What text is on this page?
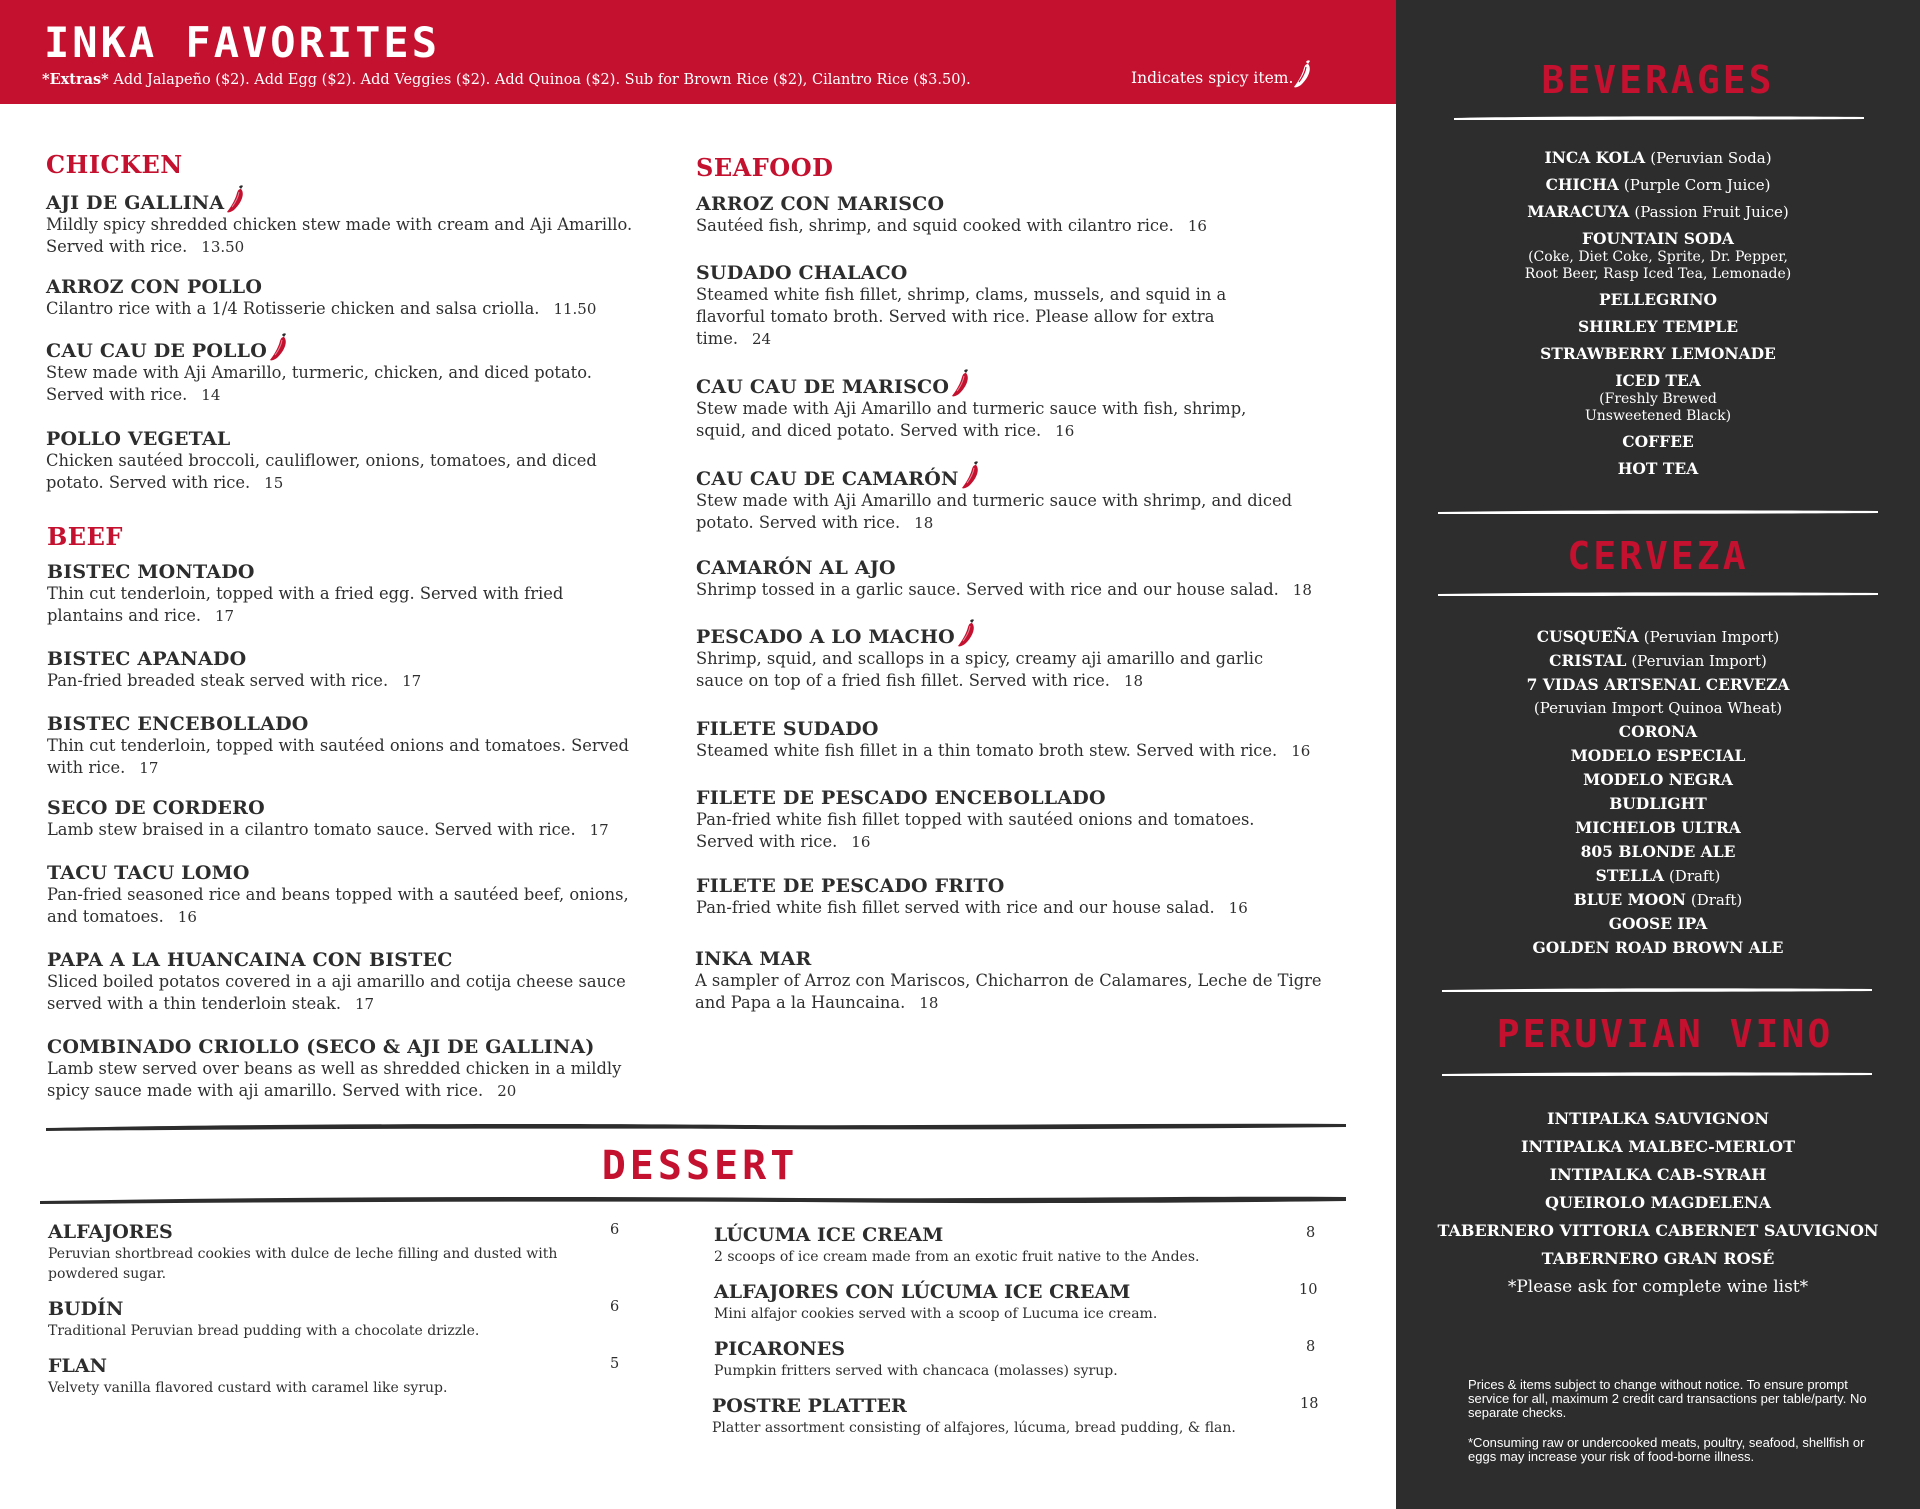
INKA FAVORITES
*Extras* Add Jalapeño ($2). Add Egg ($2). Add Veggies ($2). Add Quinoa ($2). Sub for Brown Rice ($2), Cilantro Rice ($3.50).	Indicates spicy item.
CHICKEN
AJI DE GALLINA
Mildly spicy shredded chicken stew made with cream and Aji Amarillo. Served with rice. 13.50
ARROZ CON POLLO
Cilantro rice with a 1/4 Rotisserie chicken and salsa criolla. 11.50
CAU CAU DE POLLO
Stew made with Aji Amarillo, turmeric, chicken, and diced potato. Served with rice. 14
POLLO VEGETAL
Chicken sautéed broccoli, cauliflower, onions, tomatoes, and diced potato. Served with rice. 15
BEEF
BISTEC MONTADO
Thin cut tenderloin, topped with a fried egg. Served with fried plantains and rice. 17
BISTEC APANADO
Pan-fried breaded steak served with rice. 17
BISTEC ENCEBOLLADO
Thin cut tenderloin, topped with sautéed onions and tomatoes. Served with rice. 17
SECO DE CORDERO
Lamb stew braised in a cilantro tomato sauce. Served with rice. 17
TACU TACU LOMO
Pan-fried seasoned rice and beans topped with a sautéed beef, onions, and tomatoes. 16
PAPA A LA HUANCAINA CON BISTEC
Sliced boiled potatos covered in a aji amarillo and cotija cheese sauce served with a thin tenderloin steak. 17
COMBINADO CRIOLLO (SECO & AJI DE GALLINA)
Lamb stew served over beans as well as shredded chicken in a mildly spicy sauce made with aji amarillo. Served with rice. 20
SEAFOOD
ARROZ CON MARISCO
Sautéed fish, shrimp, and squid cooked with cilantro rice. 16
SUDADO CHALACO
Steamed white fish fillet, shrimp, clams, mussels, and squid in a flavorful tomato broth. Served with rice. Please allow for extra time. 24
CAU CAU DE MARISCO
Stew made with Aji Amarillo and turmeric sauce with fish, shrimp, squid, and diced potato. Served with rice. 16
CAU CAU DE CAMARÓN
Stew made with Aji Amarillo and turmeric sauce with shrimp, and diced potato. Served with rice. 18
CAMARÓN AL AJO
Shrimp tossed in a garlic sauce. Served with rice and our house salad. 18
PESCADO A LO MACHO
Shrimp, squid, and scallops in a spicy, creamy aji amarillo and garlic sauce on top of a fried fish fillet. Served with rice. 18
FILETE SUDADO
Steamed white fish fillet in a thin tomato broth stew. Served with rice. 16
FILETE DE PESCADO ENCEBOLLADO
Pan-fried white fish fillet topped with sautéed onions and tomatoes. Served with rice. 16
FILETE DE PESCADO FRITO
Pan-fried white fish fillet served with rice and our house salad. 16
INKA MAR
A sampler of Arroz con Mariscos, Chicharron de Calamares, Leche de Tigre and Papa a la Hauncaina. 18
DESSERT
ALFAJORES
Peruvian shortbread cookies with dulce de leche filling and dusted with powdered sugar.
6
BUDÍN
Traditional Peruvian bread pudding with a chocolate drizzle.
6
FLAN
Velvety vanilla flavored custard with caramel like syrup.
5
LÚCUMA ICE CREAM
2 scoops of ice cream made from an exotic fruit native to the Andes.
8
ALFAJORES CON LÚCUMA ICE CREAM
Mini alfajor cookies served with a scoop of Lucuma ice cream.
10
PICARONES
Pumpkin fritters served with chancaca (molasses) syrup.
8
POSTRE PLATTER
Platter assortment consisting of alfajores, lúcuma, bread pudding, & flan.
18
BEVERAGES
INCA KOLA (Peruvian Soda)
CHICHA (Purple Corn Juice)
MARACUYA (Passion Fruit Juice)
FOUNTAIN SODA
(Coke, Diet Coke, Sprite, Dr. Pepper,
Root Beer, Rasp Iced Tea, Lemonade)
PELLEGRINO
SHIRLEY TEMPLE
STRAWBERRY LEMONADE
ICED TEA
(Freshly Brewed
Unsweetened Black)
COFFEE
HOT TEA
CERVEZA
CUSQUEÑA (Peruvian Import)
CRISTAL (Peruvian Import)
7 VIDAS ARTSENAL CERVEZA
(Peruvian Import Quinoa Wheat)
CORONA
MODELO ESPECIAL
MODELO NEGRA
BUDLIGHT
MICHELOB ULTRA
805 BLONDE ALE
STELLA (Draft)
BLUE MOON (Draft)
GOOSE IPA
GOLDEN ROAD BROWN ALE
PERUVIAN VINO
INTIPALKA SAUVIGNON
INTIPALKA MALBEC-MERLOT
INTIPALKA CAB-SYRAH
QUEIROLO MAGDELENA
TABERNERO VITTORIA CABERNET SAUVIGNON
TABERNERO GRAN ROSÉ
*Please ask for complete wine list*
Prices & items subject to change without notice. To ensure prompt service for all, maximum 2 credit card transactions per table/party. No separate checks.
*Consuming raw or undercooked meats, poultry, seafood, shellfish or eggs may increase your risk of food-borne illness.
